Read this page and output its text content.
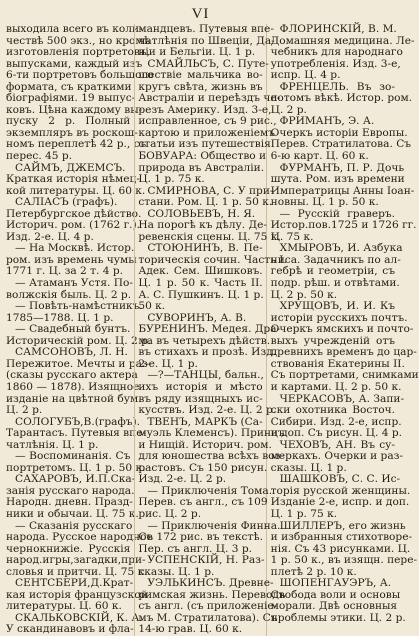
VI
выходила всего въ коли-
чествѣ 500 экз., но кромѣ
изготовленія портретовъ,
выпусками, каждый изъ
6-ти портретовъ большого
формата, съ краткими
біографіями. 19 выпус-
ковъ. Цѣна каждому вы-
пуску 2 р. Полный
экземпляръ въ роскош-
номъ переплетѣ 42 р., съ
перес. 45 р.
САЙМЪ, ДЖЕМСЪ.
Краткая исторія нѣмец-
кой литературы. Ц. 60 к.
САЛІАСЪ (графъ).
Петербургское дѣйство.
Историч. ром. (1762 г.).
Изд. 2-е. Ц. 4 р.
— На Москвѣ. Истор.
ром. изъ времень чумы
1771 г. Ц. за 2 т. 4 р.
— Атаманъ Устя. По-
волжскія быль. Ц. 2 р.
— Повѣть-намѣстникъ.
1785—1788. Ц. 1 р.
— Свадебный бунтъ.
Историческій ром. Ц. 2 р.
САМСОНОВЪ, Л. Н.
Пережитое. Мечты и раз-
(сказы русскаго актера
1860 — 1878). Изящное
изданіе на цвѣтной бум.
Ц. 2 р.
СОЛОГУБЪ,В.(графъ).
Тарантасъ. Путевыя впе-
чатлѣнія. Ц. 1 р.
— Воспоминанія. Съ
портретомъ. Ц. 1 р. 50 к.
САХАРОВЪ, И.П.Ска-
занія русскаго народа.
Народн. дневн. Празд-
ники и обычаи. Ц. 75 к.
— Сказанія русскаго
народа. Русское народное
чернокнижіе. Русскія
народ.игры,загадки,при-
словья и притчи. Ц. 75 к.
СЕНТСБЕРИ,Д.Крат-
кая исторія французской
литературы. Ц. 60 к.
СКАЛЬКОВСКІЙ, К. А.
У скандинавовъ и фла-
мандцевъ. Путевыя впе-
чатлѣнія по Швеціи, Да-
ніи и Бельгіи. Ц. 1 р.
СМАЙЛЬСЪ, С. Путе-
шествіе мальчика во-
кругъ свѣта, жизнь въ
Австраліи и переѣздъ че-
резъ Америку. Изд. 3-е,
исправленное, съ 9 рис.,
картою и приложеніемъ
статьи изъ путешествія
БОВУАРА: Общество и
природа въ Австраліи.
Ц. 1 р. 75 к.
СМИРНОВА, С. У при-
стани. Ром. Ц. 1 р. 50 к.
СОЛОВЬЕВЪ, Н. Я.
На порогѣ къ дѣлу. Де-
ревенскія сцены. Ц. 75 к.
СТОЮНИНЪ, В. Пе-
торическія сочин. Часть I.
Адек. Сем. Шишковъ.
Ц. 1 р. 50 к. Часть II.
А. С. Пушкинъ. Ц. 1 р.
50 к.
СУВОРИНЪ, А. В.
БУРЕНИНЪ. Медея. Дра-
ма въ четырехъ дѣйств.
въ стихахъ и прозѣ. Изд.
2-е. Ц. 1 р.
—?—ТАНЦЫ, бальн.,
ихъ исторія и мѣсто
въ ряду изящныхъ ис-
кусствъ. Изд. 2-е. Ц. 2 р.
ТВЕНЪ, МАРКЪ (Са-
муэль Клеменсъ). Принцъ
и Нищій. Историч. ром.
для юношества всѣхъ воз-
растовъ. Съ 150 рисун.
Изд. 2-е. Ц. 2 р.
— Приключенія Тома.
Перев. съ англ., съ 109
рис. Ц. 2 р.
— Приключенія Финна.
Съ 172 рис. въ текстѣ.
Пер. съ англ. Ц. 3 р.
УСПЕНСКІЙ, Н. Раз-
сказы. Ц. 1 р.
УЭЛЬКИНСЪ. Древне-
римская жизнь. Переводъ
съ англ. (съ приложеніе-
мъ М. Стратилатова). Съ
14-ю грав. Ц. 60 к.
ФЛОРИНСКІЙ, В. М.
Домашняя медицина. Ле-
чебникъ для народнаго
употребленія. Изд. 3-е,
испр. Ц. 4 р.
ФРЕНЦЕЛЬ. Въ зо-
лотомъ вѣкѣ. Истор. ром.
Ц. 2 р.
ФРИМАНЪ, Э. А.
Очеркъ исторіи Европы.
Перев. Стратилатова. Съ
6-ю карт. Ц. 60 к.
ФУРМАНЪ, П. Р. Дочь
шута. Ром. изъ времени
Императрицы Анны Іоан-
новны. Ц. 1 р. 50 к.
— Русскій граверъ.
Истор.пов.1725 и 1726 гг.
Ц. 75 к.
ХМЫРОВЪ, И. Азбука
ниса. Задачникъ по ал-
гебрѣ и геометріи, съ
подр. рѣш. и отвѣтами.
Ц. 2 р. 50 к.
ХРУЩОВЪ, И. И. Къ
исторіи русскихъ почтъ.
Очеркъ ямскихъ и почто-
выхъ учрежденій отъ
древнихъ временъ до цар-
ствованія Екатерины II.
Съ портретами, снимками
и картами. Ц. 2 р. 50 к.
ЧЕРКАСОВЪ, А. Запи-
ски охотника Восточ.
Сибири. Изд. 2-е, испр.
и доп. Съ рисун. Ц. 4 р.
ЧЕХОВЪ, АН. Въ су-
меркахъ. Очерки и раз-
сказы. Ц. 1 р.
ШАШКОВЪ, С. С. Ис-
торія русской женщины.
Изданіе 2-е, испр. и доп.
Ц. 1 р. 75 к.
ШИЛЛЕРЪ, его жизнь
и избранныя стихотворе-
нія. Съ 43 рисунками. Ц.
1 р. 50 к., въ изящн. пере-
плетѣ 2 р. 10 к.
ШОПЕНГАУЭРЪ, А.
Свобода воли и основы
морали. Двѣ основныя
проблемы этики. Ц. 2 р.
